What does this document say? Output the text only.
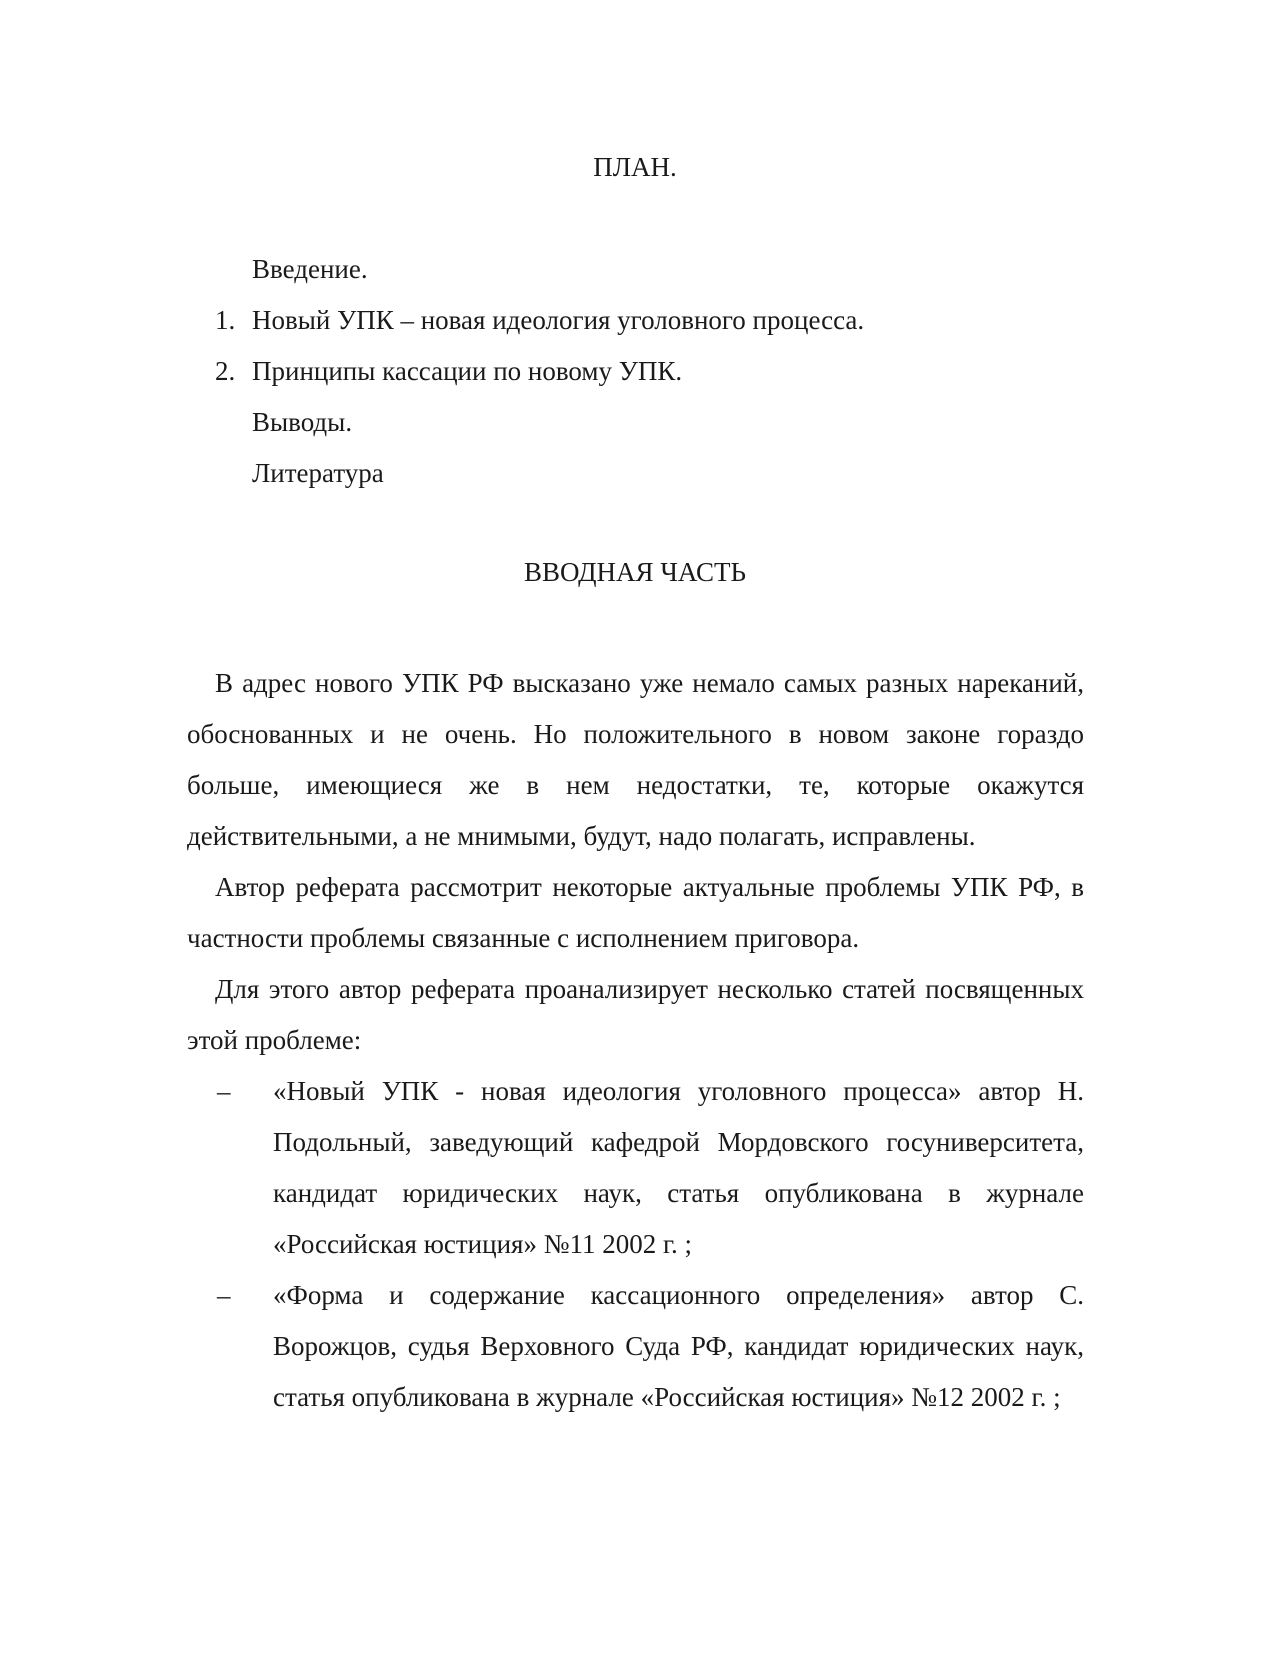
ПЛАН.
Введение.
1. Новый УПК – новая идеология уголовного процесса.
2. Принципы кассации по новому УПК.
Выводы.
Литература
ВВОДНАЯ ЧАСТЬ

В адрес нового УПК РФ высказано уже немало самых разных нареканий, обоснованных и не очень. Но положительного в новом законе гораздо больше, имеющиеся же в нем недостатки, те, которые окажутся действительными, а не мнимыми, будут, надо полагать, исправлены.

Автор реферата рассмотрит некоторые актуальные проблемы УПК РФ, в частности проблемы связанные с исполнением приговора.

Для этого автор реферата проанализирует несколько статей посвященных этой проблеме:

– «Новый УПК - новая идеология уголовного процесса» автор Н. Подольный, заведующий кафедрой Мордовского госуниверситета, кандидат юридических наук, статья опубликована в журнале «Российская юстиция» №11 2002 г. ;
– «Форма и содержание кассационного определения» автор С. Ворожцов, судья Верховного Суда РФ, кандидат юридических наук, статья опубликована в журнале «Российская юстиция» №12 2002 г. ;
